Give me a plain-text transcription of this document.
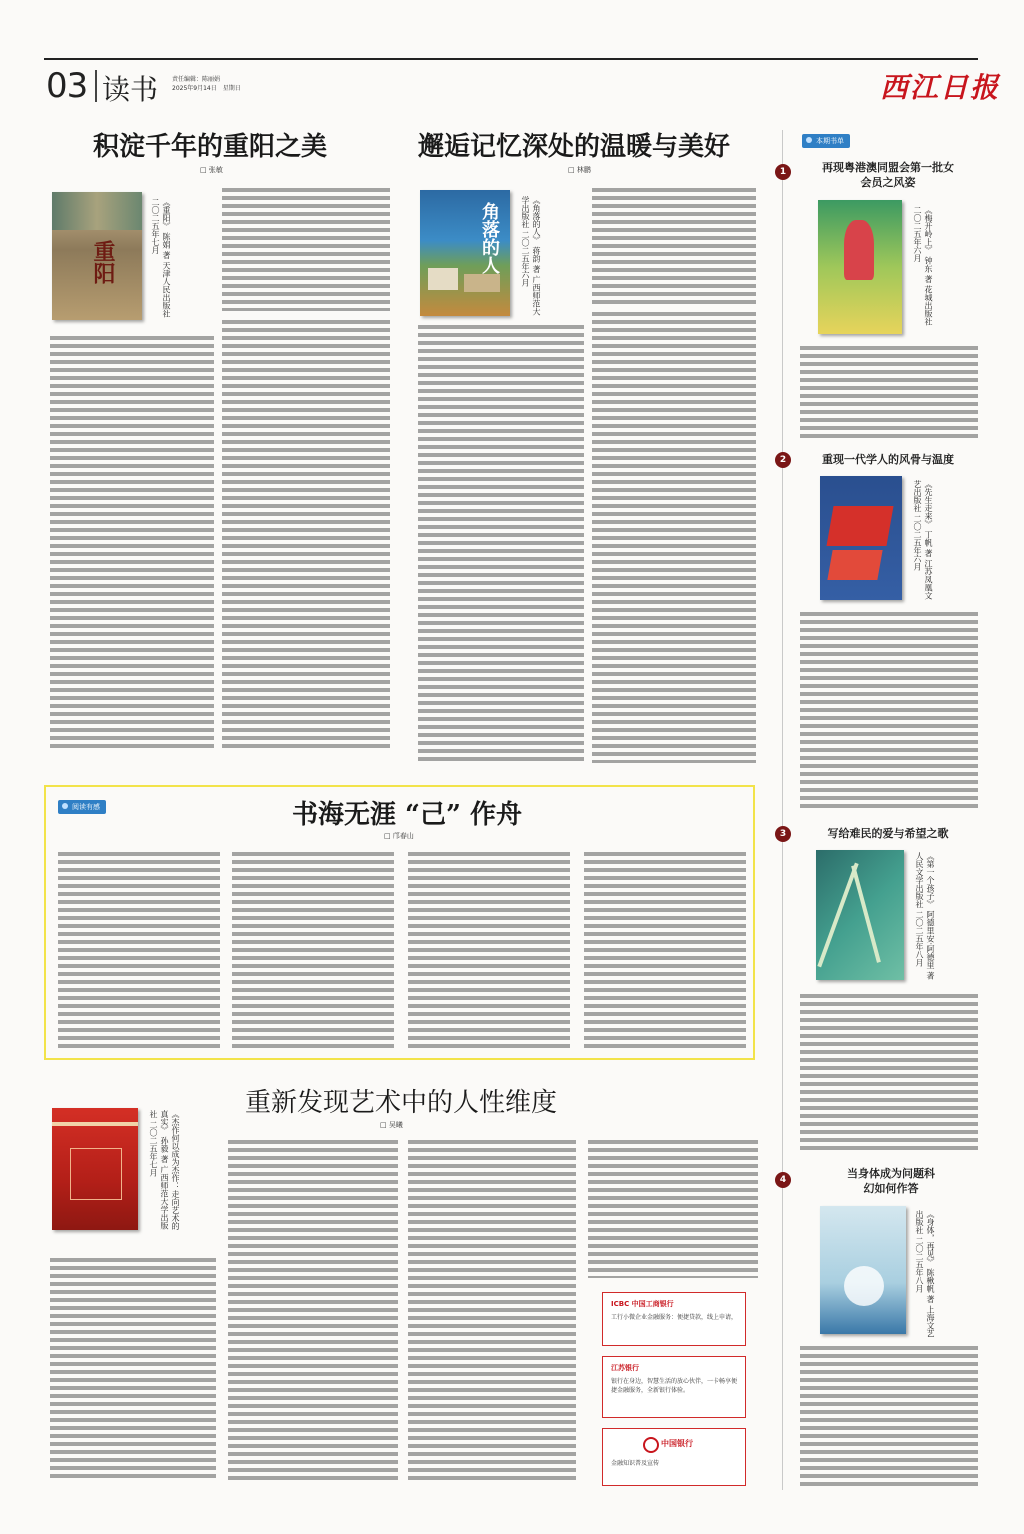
03 读书 责任编辑：陈丽娟
2025年9月14日　星期日	西江日报
积淀千年的重阳之美
□ 张敏
重阳	《重阳》 陈娟 著 天津人民出版社 二〇二五年七月
邂逅记忆深处的温暖与美好
□ 林鹏
角落的人	《角落的人》 蒋韵 著 广西师范大学出版社 二〇二五年六月
阅读有感	书海无涯 “己” 作舟
□ 邝春山
重新发现艺术中的人性维度
□ 吴曦
《杰作何以成为杰作：走向艺术的真实》 孙毅 著 广西师范大学出版社 二〇二五年七月
ICBC 中国工商银行
工行小微企业金融服务：便捷贷款，线上申请，
江苏银行
银行在身边，智慧生活的放心伙伴，一卡畅享便捷金融服务，全新银行体验。
中国银行
金融知识普及宣传
本期书单
1	再现粤港澳同盟会第一批女会员之风姿
《梅开岭上》 钟东 著 花城出版社 二〇二五年六月
2	重现一代学人的风骨与温度
《先生走来》 丁帆 著 江苏凤凰文艺出版社 二〇二五年六月
3	写给难民的爱与希望之歌
《第一个孩子》 阿德里安·阿德里 著 人民文学出版社 二〇二五年八月
4	当身体成为问题科幻如何作答
《身体，再见》 陈楸帆 著 上海文艺出版社 二〇二五年八月
